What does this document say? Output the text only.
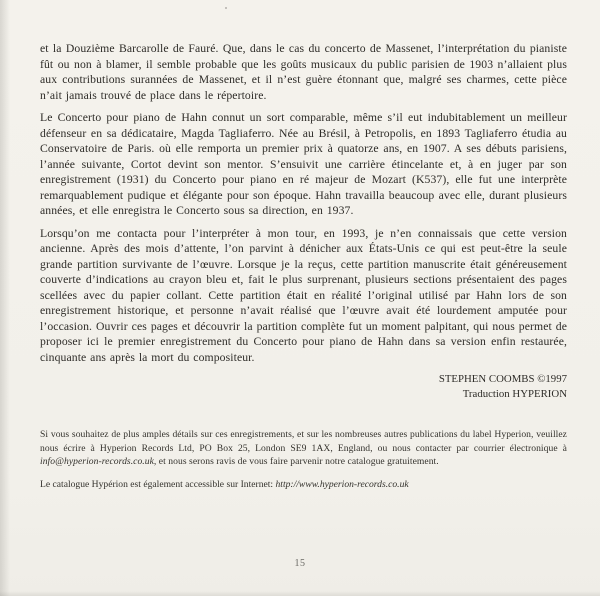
et la Douzième Barcarolle de Fauré. Que, dans le cas du concerto de Massenet, l’interprétation du pianiste fût ou non à blamer, il semble probable que les goûts musicaux du public parisien de 1903 n’allaient plus aux contributions surannées de Massenet, et il n’est guère étonnant que, malgré ses charmes, cette pièce n’ait jamais trouvé de place dans le répertoire.

Le Concerto pour piano de Hahn connut un sort comparable, même s’il eut indubitablement un meilleur défenseur en sa dédicataire, Magda Tagliaferro. Née au Brésil, à Petropolis, en 1893 Tagliaferro étudia au Conservatoire de Paris. où elle remporta un premier prix à quatorze ans, en 1907. A ses débuts parisiens, l’année suivante, Cortot devint son mentor. S’ensuivit une carrière étincelante et, à en juger par son enregistrement (1931) du Concerto pour piano en ré majeur de Mozart (K537), elle fut une interprète remarquablement pudique et élégante pour son époque. Hahn travailla beaucoup avec elle, durant plusieurs années, et elle enregistra le Concerto sous sa direction, en 1937.

Lorsqu’on me contacta pour l’interpréter à mon tour, en 1993, je n’en connaissais que cette version ancienne. Après des mois d’attente, l’on parvint à dénicher aux États-Unis ce qui est peut-être la seule grande partition survivante de l’œuvre. Lorsque je la reçus, cette partition manuscrite était généreusement couverte d’indications au crayon bleu et, fait le plus surprenant, plusieurs sections présentaient des pages scellées avec du papier collant. Cette partition était en réalité l’original utilisé par Hahn lors de son enregistrement historique, et personne n’avait réalisé que l’œuvre avait été lourdement amputée pour l’occasion. Ouvrir ces pages et découvrir la partition complète fut un moment palpitant, qui nous permet de proposer ici le premier enregistrement du Concerto pour piano de Hahn dans sa version enfin restaurée, cinquante ans après la mort du compositeur.

STEPHEN COOMBS ©1997
Traduction HYPERION

Si vous souhaitez de plus amples détails sur ces enregistrements, et sur les nombreuses autres publications du label Hyperion, veuillez nous écrire à Hyperion Records Ltd, PO Box 25, London SE9 1AX, England, ou nous contacter par courrier électronique à info@hyperion-records.co.uk, et nous serons ravis de vous faire parvenir notre catalogue gratuitement.

Le catalogue Hypérion est également accessible sur Internet: http://www.hyperion-records.co.uk

15
